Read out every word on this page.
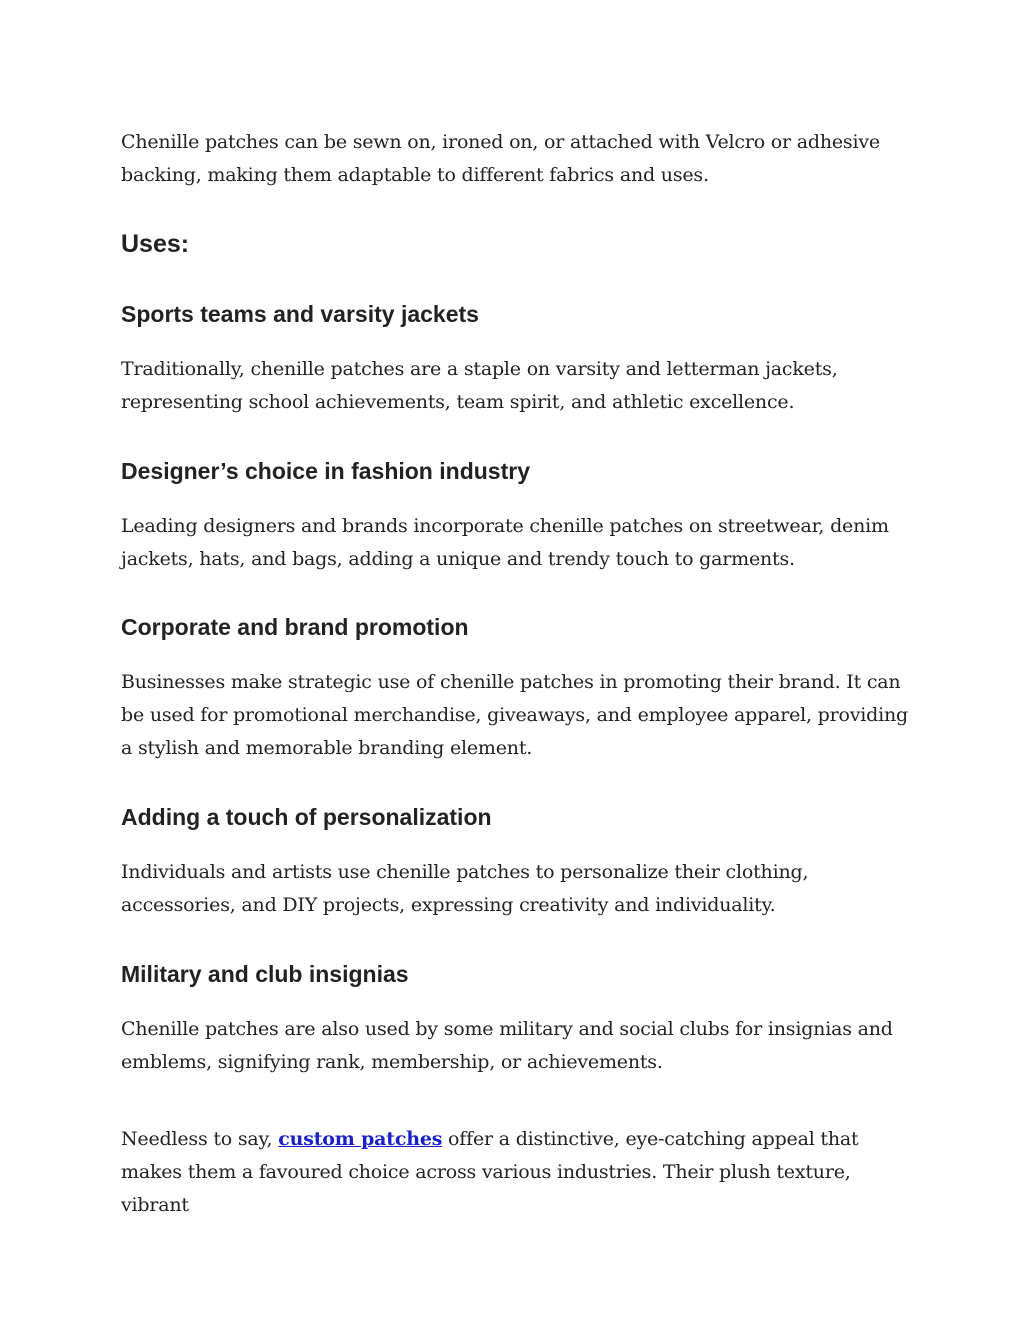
Chenille patches can be sewn on, ironed on, or attached with Velcro or adhesive backing, making them adaptable to different fabrics and uses.

Uses:
Sports teams and varsity jackets

Traditionally, chenille patches are a staple on varsity and letterman jackets, representing school achievements, team spirit, and athletic excellence.

Designer’s choice in fashion industry

Leading designers and brands incorporate chenille patches on streetwear, denim jackets, hats, and bags, adding a unique and trendy touch to garments.

Corporate and brand promotion

Businesses make strategic use of chenille patches in promoting their brand. It can be used for promotional merchandise, giveaways, and employee apparel, providing a stylish and memorable branding element.

Adding a touch of personalization

Individuals and artists use chenille patches to personalize their clothing, accessories, and DIY projects, expressing creativity and individuality.

Military and club insignias

Chenille patches are also used by some military and social clubs for insignias and emblems, signifying rank, membership, or achievements.

Needless to say, custom patches offer a distinctive, eye-catching appeal that makes them a favoured choice across various industries. Their plush texture, vibrant
